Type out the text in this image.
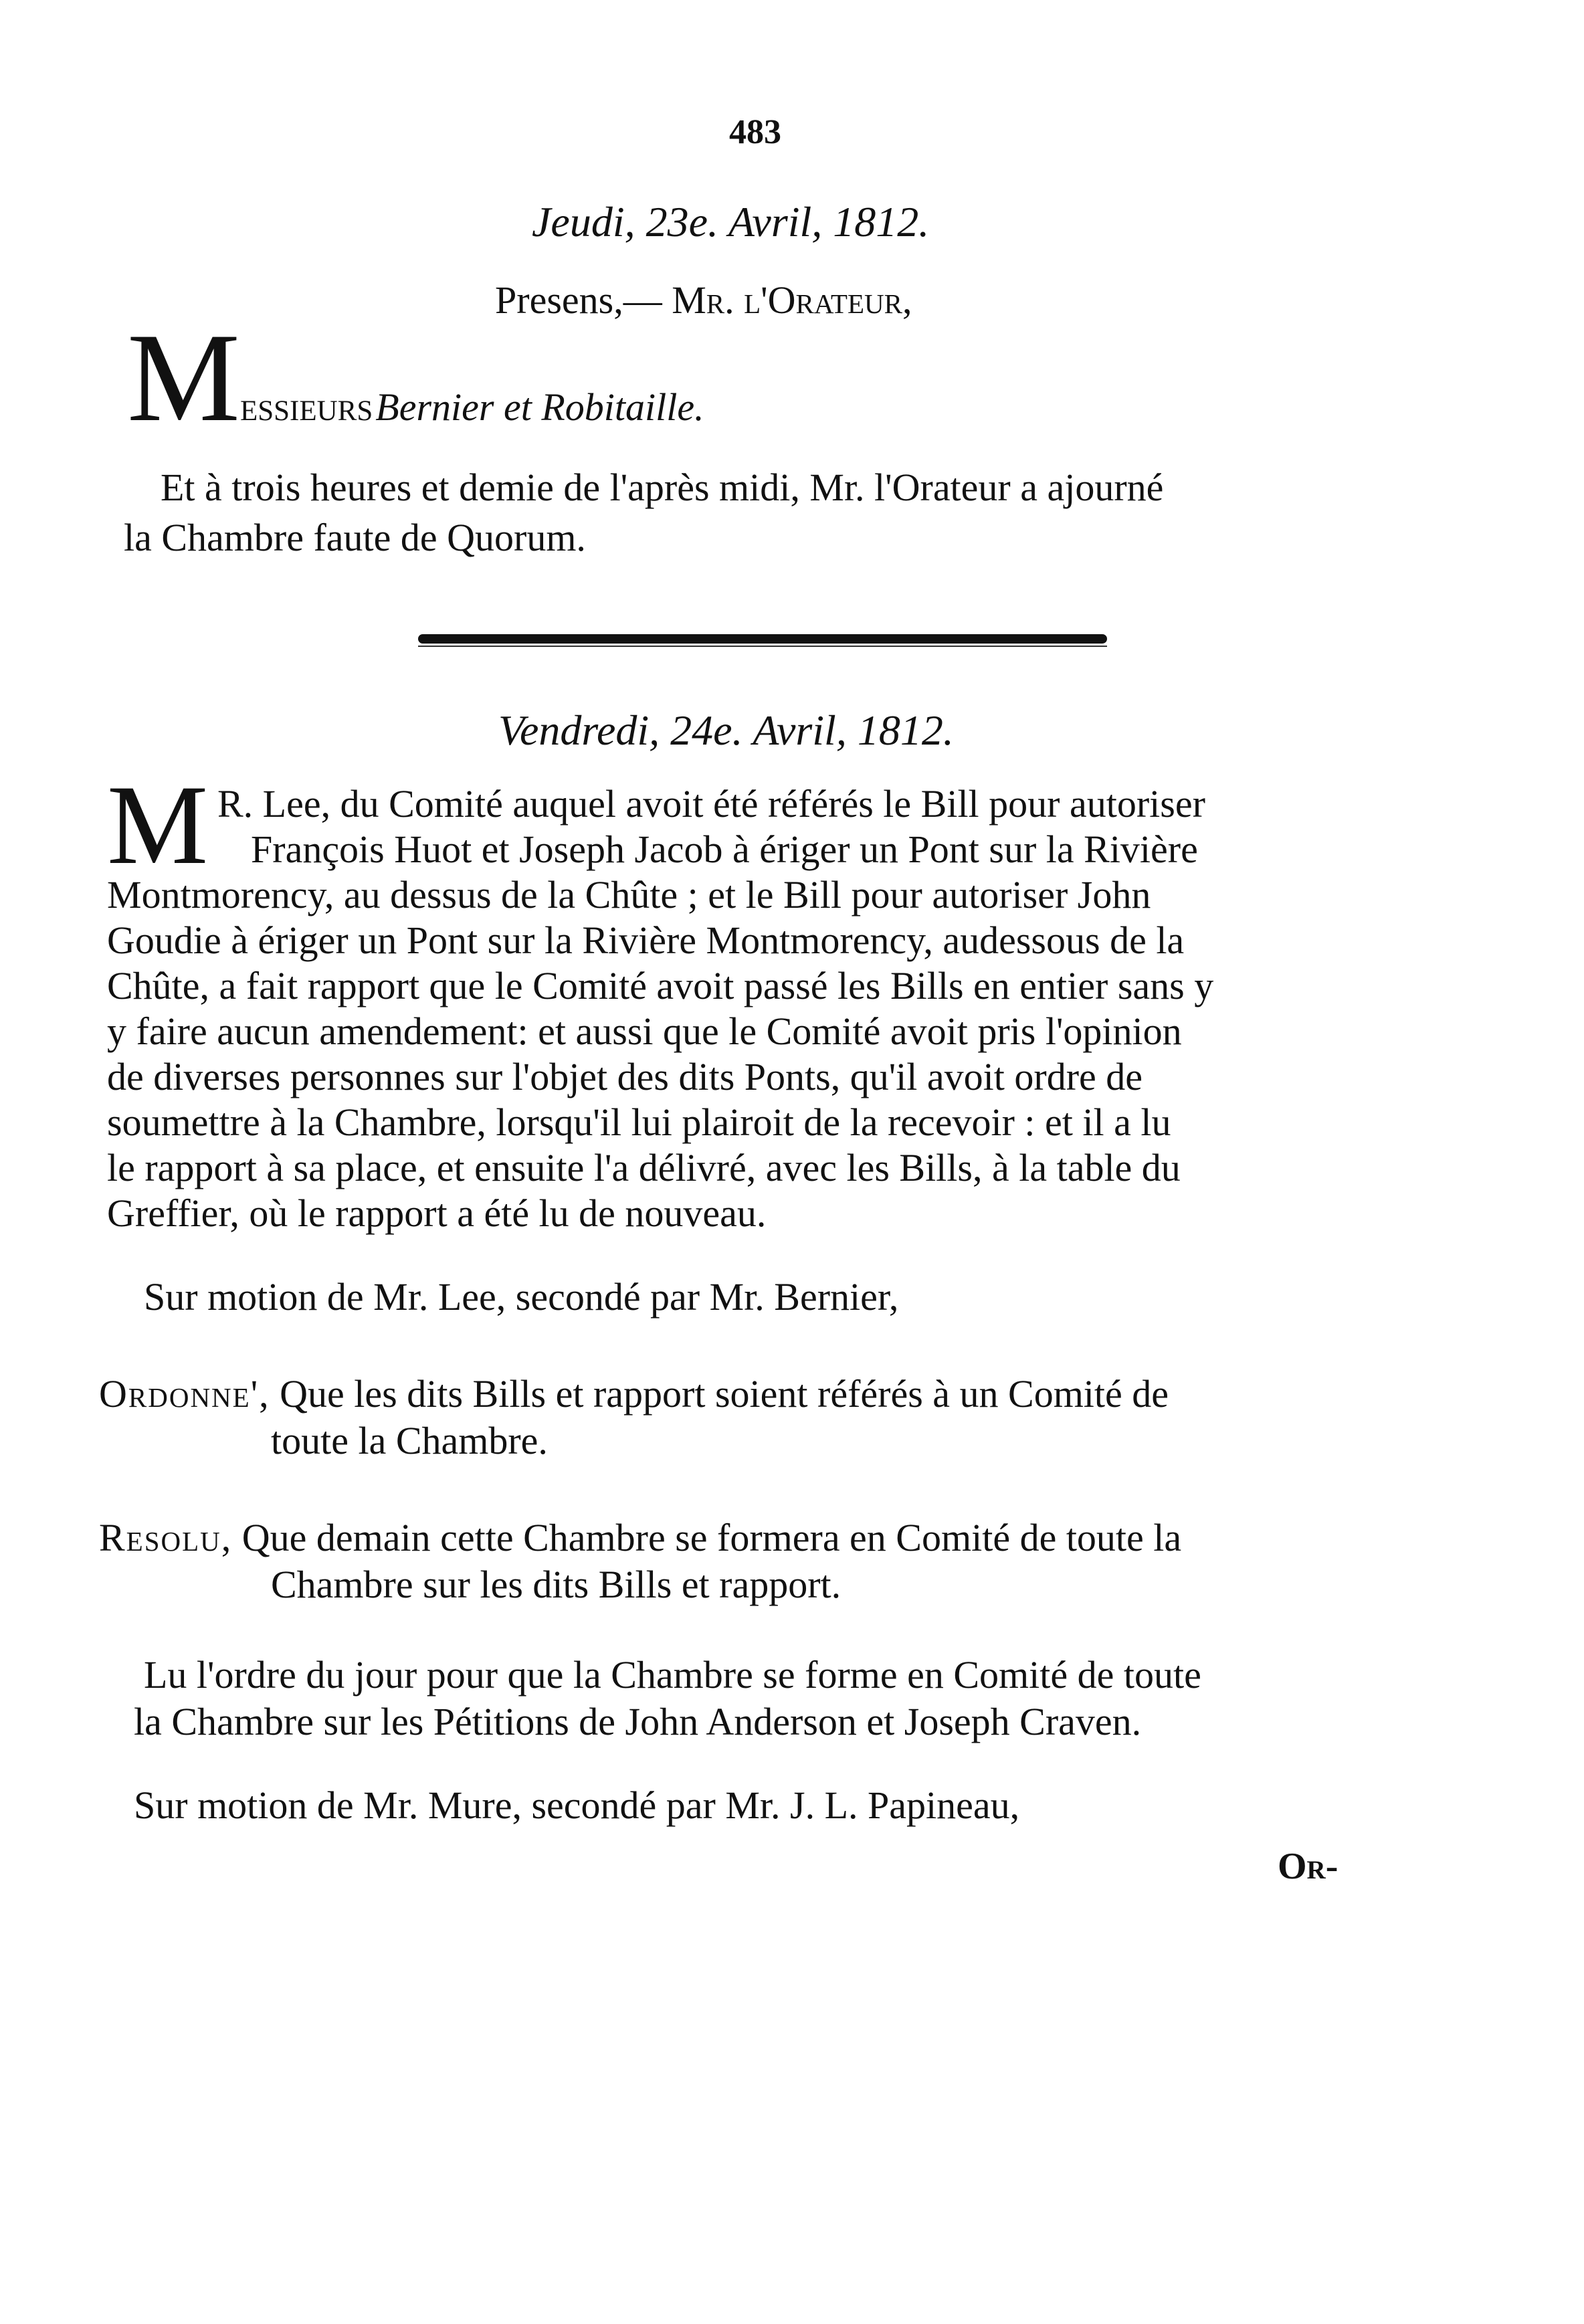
483
Jeudi, 23e. Avril, 1812.
Presens,— Mr. l'Orateur,
Messieurs Bernier et Robitaille.
Et à trois heures et demie de l'après midi, Mr. l'Orateur a ajourné
la Chambre faute de Quorum.
Vendredi, 24e. Avril, 1812.
M R. Lee, du Comité auquel avoit été référés le Bill pour autoriser

François Huot et Joseph Jacob à ériger un Pont sur la Rivière

Montmorency, au dessus de la Chûte ; et le Bill pour autoriser John

Goudie à ériger un Pont sur la Rivière Montmorency, audessous de la

Chûte, a fait rapport que le Comité avoit passé les Bills en entier sans y

y faire aucun amendement: et aussi que le Comité avoit pris l'opinion

de diverses personnes sur l'objet des dits Ponts, qu'il avoit ordre de

soumettre à la Chambre, lorsqu'il lui plairoit de la recevoir : et il a lu

le rapport à sa place, et ensuite l'a délivré, avec les Bills, à la table du

Greffier, où le rapport a été lu de nouveau.

Sur motion de Mr. Lee, secondé par Mr. Bernier,
Ordonne', Que les dits Bills et rapport soient référés à un Comité de
toute la Chambre.
Resolu, Que demain cette Chambre se formera en Comité de toute la
Chambre sur les dits Bills et rapport.
Lu l'ordre du jour pour que la Chambre se forme en Comité de toute
la Chambre sur les Pétitions de John Anderson et Joseph Craven.
Sur motion de Mr. Mure, secondé par Mr. J. L. Papineau,
Or-
